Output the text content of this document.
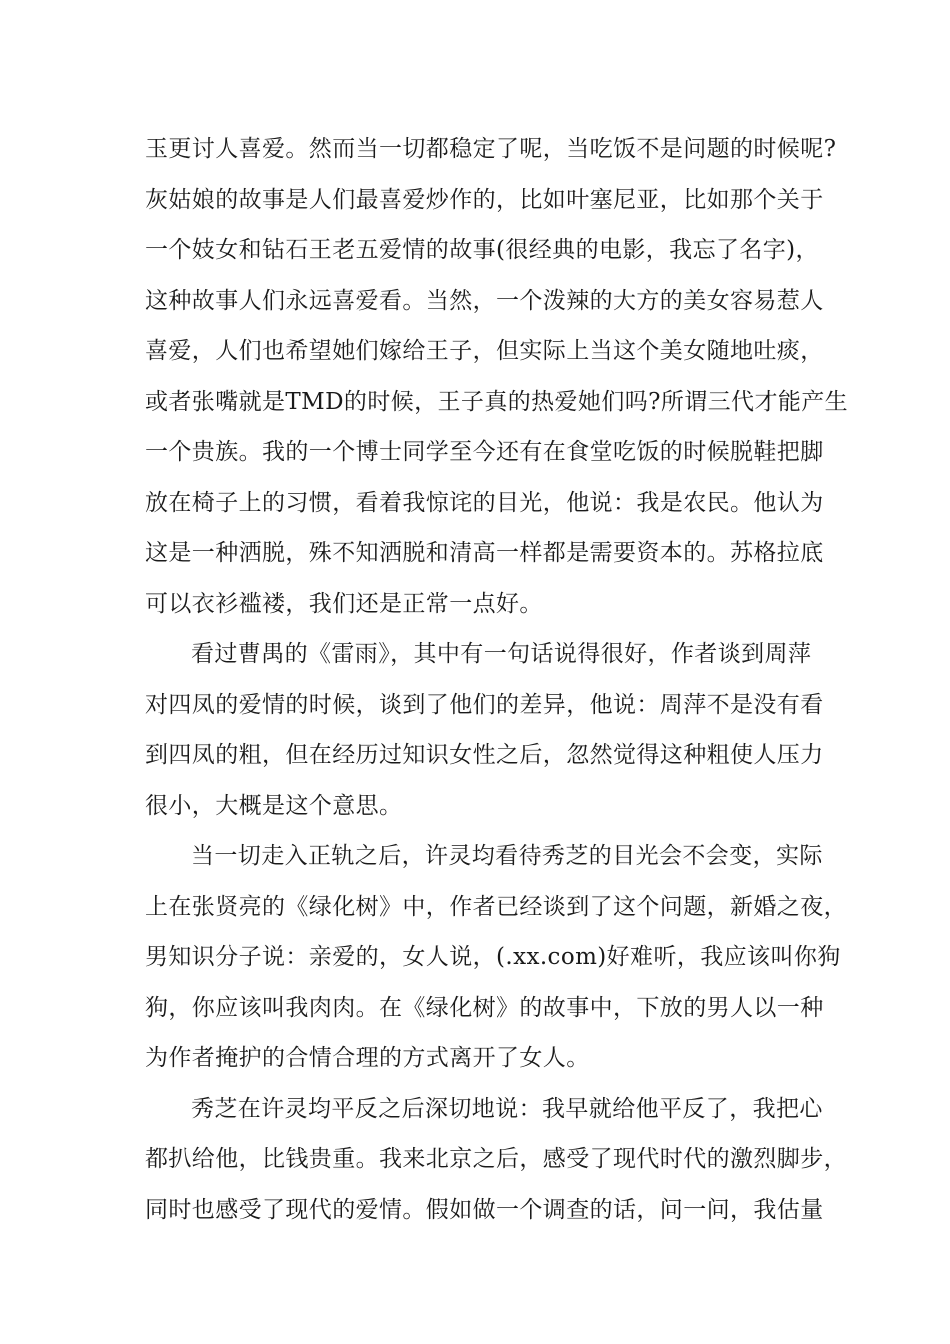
玉更讨人喜爱。然而当一切都稳定了呢，当吃饭不是问题的时候呢?
灰姑娘的故事是人们最喜爱炒作的，比如叶塞尼亚，比如那个关于
一个妓女和钻石王老五爱情的故事(很经典的电影，我忘了名字)，
这种故事人们永远喜爱看。当然，一个泼辣的大方的美女容易惹人
喜爱，人们也希望她们嫁给王子，但实际上当这个美女随地吐痰，
或者张嘴就是TMD的时候，王子真的热爱她们吗?所谓三代才能产生
一个贵族。我的一个博士同学至今还有在食堂吃饭的时候脱鞋把脚
放在椅子上的习惯，看着我惊诧的目光，他说：我是农民。他认为
这是一种洒脱，殊不知洒脱和清高一样都是需要资本的。苏格拉底
可以衣衫褴褛，我们还是正常一点好。
看过曹禺的《雷雨》，其中有一句话说得很好，作者谈到周萍
对四凤的爱情的时候，谈到了他们的差异，他说：周萍不是没有看
到四凤的粗，但在经历过知识女性之后，忽然觉得这种粗使人压力
很小，大概是这个意思。
当一切走入正轨之后，许灵均看待秀芝的目光会不会变，实际
上在张贤亮的《绿化树》中，作者已经谈到了这个问题，新婚之夜，
男知识分子说：亲爱的，女人说，(.xx.com)好难听，我应该叫你狗
狗，你应该叫我肉肉。在《绿化树》的故事中，下放的男人以一种
为作者掩护的合情合理的方式离开了女人。
秀芝在许灵均平反之后深切地说：我早就给他平反了，我把心
都扒给他，比钱贵重。我来北京之后，感受了现代时代的激烈脚步，
同时也感受了现代的爱情。假如做一个调查的话，问一问，我估量
